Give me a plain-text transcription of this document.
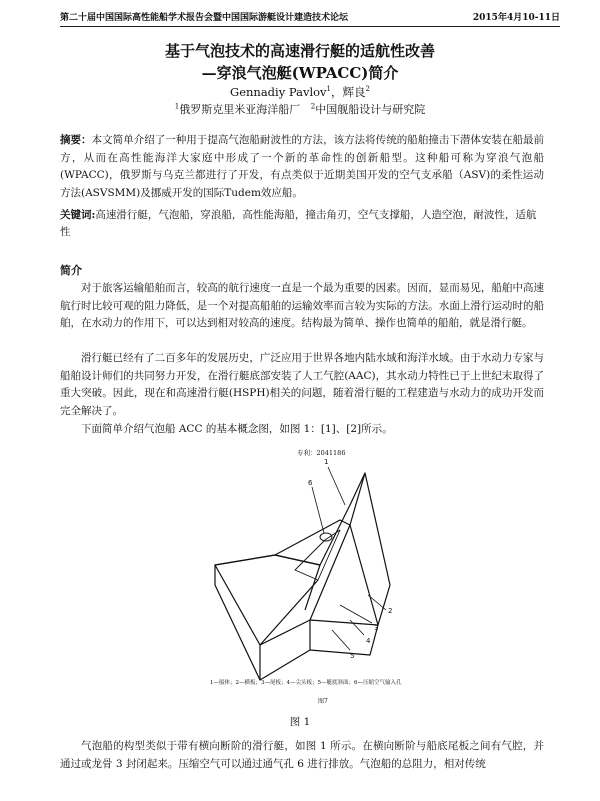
第二十届中国国际高性能船学术报告会暨中国国际游艇设计建造技术论坛	2015年4月10-11日
基于气泡技术的高速滑行艇的适航性改善
—穿浪气泡艇(WPACC)简介
Gennadiy Pavlov$^1$，辉良$^2$
$^1$俄罗斯克里米亚海洋船厂 $^2$中国舰船设计与研究院
摘要：本文简单介绍了一种用于提高气泡船耐波性的方法，该方法将传统的船舶撞击下潜体安装在船最前方，从而在高性能海洋大家庭中形成了一个新的革命性的创新船型。这种船可称为穿浪气泡船(WPACC)，俄罗斯与乌克兰都进行了开发，有点类似于近期美国开发的空气支承船（ASV)的柔性运动方法(ASVSMM)及挪威开发的国际Tudem效应船。
关键词:高速滑行艇，气泡船，穿浪船，高性能海船，撞击角刃，空气支撑船，人造空泡，耐波性，适航性
简介

对于旅客运输船舶而言，较高的航行速度一直是一个最为重要的因素。因而，显而易见，船舶中高速航行时比较可观的阻力降低，是一个对提高船舶的运输效率而言较为实际的方法。水面上滑行运动时的船舶，在水动力的作用下，可以达到相对较高的速度。结构最为简单、操作也简单的船舶，就是滑行艇。

滑行艇已经有了二百多年的发展历史，广泛应用于世界各地内陆水域和海洋水域。由于水动力专家与船舶设计师们的共同努力开发，在滑行艇底部安装了人工气腔(AAC)，其水动力特性已于上世纪末取得了重大突破。因此，现在和高速滑行艇(HSPH)相关的问题，随着滑行艇的工程建造与水动力的成功开发而完全解决了。

下面简单介绍气泡船 ACC 的基本概念图，如图 1：[1]、[2]所示。

专利：2041186
1
2
3
4
5
6
1—船体；2—横板；3—尾板；4—尖头板；5—艇底斜面；6—压缩空气输入孔
图7
图 1

气泡船的构型类似于带有横向断阶的滑行艇，如图 1 所示。在横向断阶与船底尾板之间有气腔，并通过或龙骨 3 封闭起来。压缩空气可以通过通气孔 6 进行排放。气泡船的总阻力，相对传统
